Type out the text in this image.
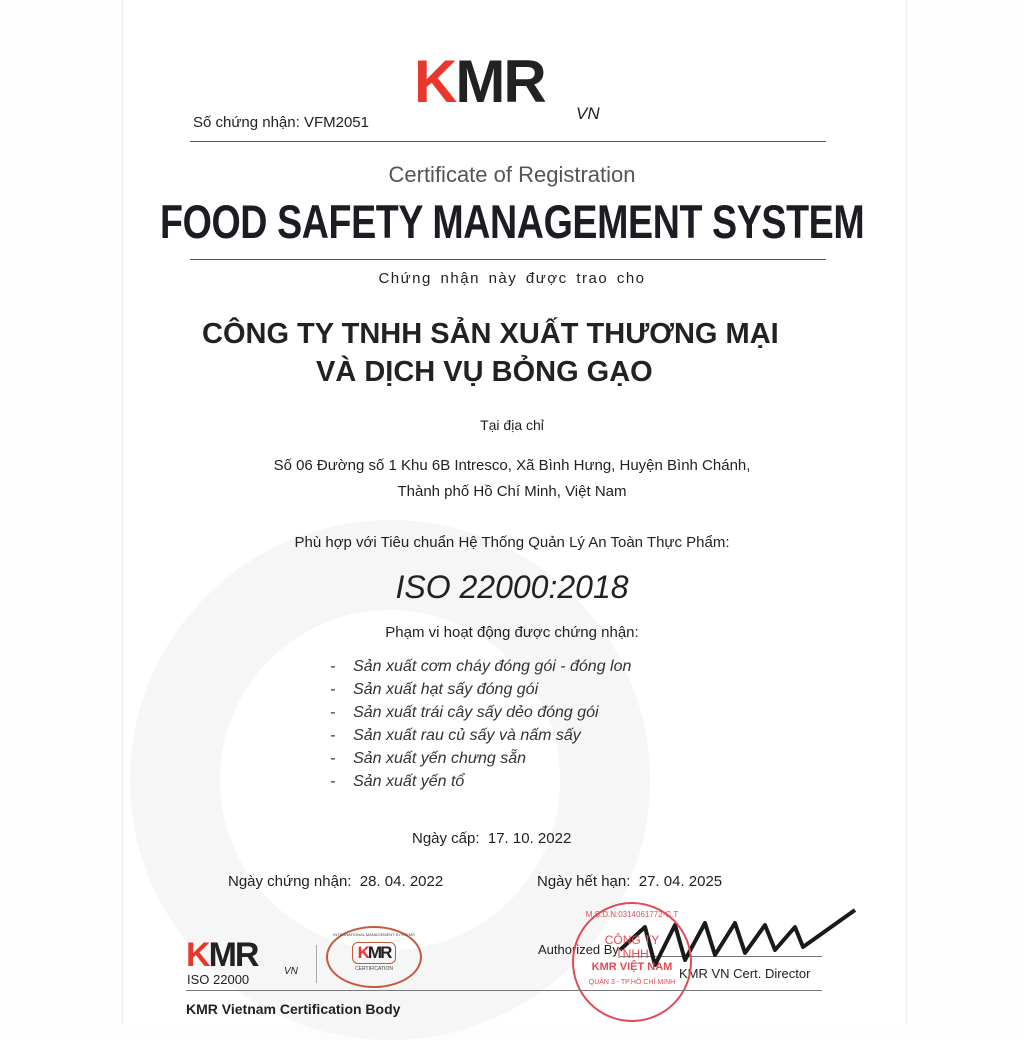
KMR VN
Số chứng nhận: VFM2051
Certificate of Registration
FOOD SAFETY MANAGEMENT SYSTEM
Chứng nhận này được trao cho
CÔNG TY TNHH SẢN XUẤT THƯƠNG MẠI
VÀ DỊCH VỤ BỎNG GẠO
Tại địa chỉ
Số 06 Đường số 1 Khu 6B Intresco, Xã Bình Hưng, Huyện Bình Chánh,
Thành phố Hồ Chí Minh, Việt Nam
Phù hợp với Tiêu chuẩn Hệ Thống Quản Lý An Toàn Thực Phẩm:
ISO 22000:2018
Phạm vi hoạt động được chứng nhận:
-    Sản xuất cơm cháy đóng gói - đóng lon
-    Sản xuất hạt sấy đóng gói
-    Sản xuất trái cây sấy dẻo đóng gói
-    Sản xuất rau củ sấy và nấm sấy
-    Sản xuất yến chưng sẵn
-    Sản xuất yến tổ
Ngày cấp:  17. 10. 2022
Ngày chứng nhận:  28. 04. 2022	Ngày hết hạn:  27. 04. 2025
KMR	VN
ISO 22000
INTERNATIONAL MANAGEMENT SYSTEMS
KMR
CERTIFICATION
Authorized By
KMR VN Cert. Director
M.S.D.N:0314061772-C.T
CÔNG TY
TNHH
KMR VIỆT NAM
QUẬN 3 - TP.HỒ CHÍ MINH
KMR Vietnam Certification Body
